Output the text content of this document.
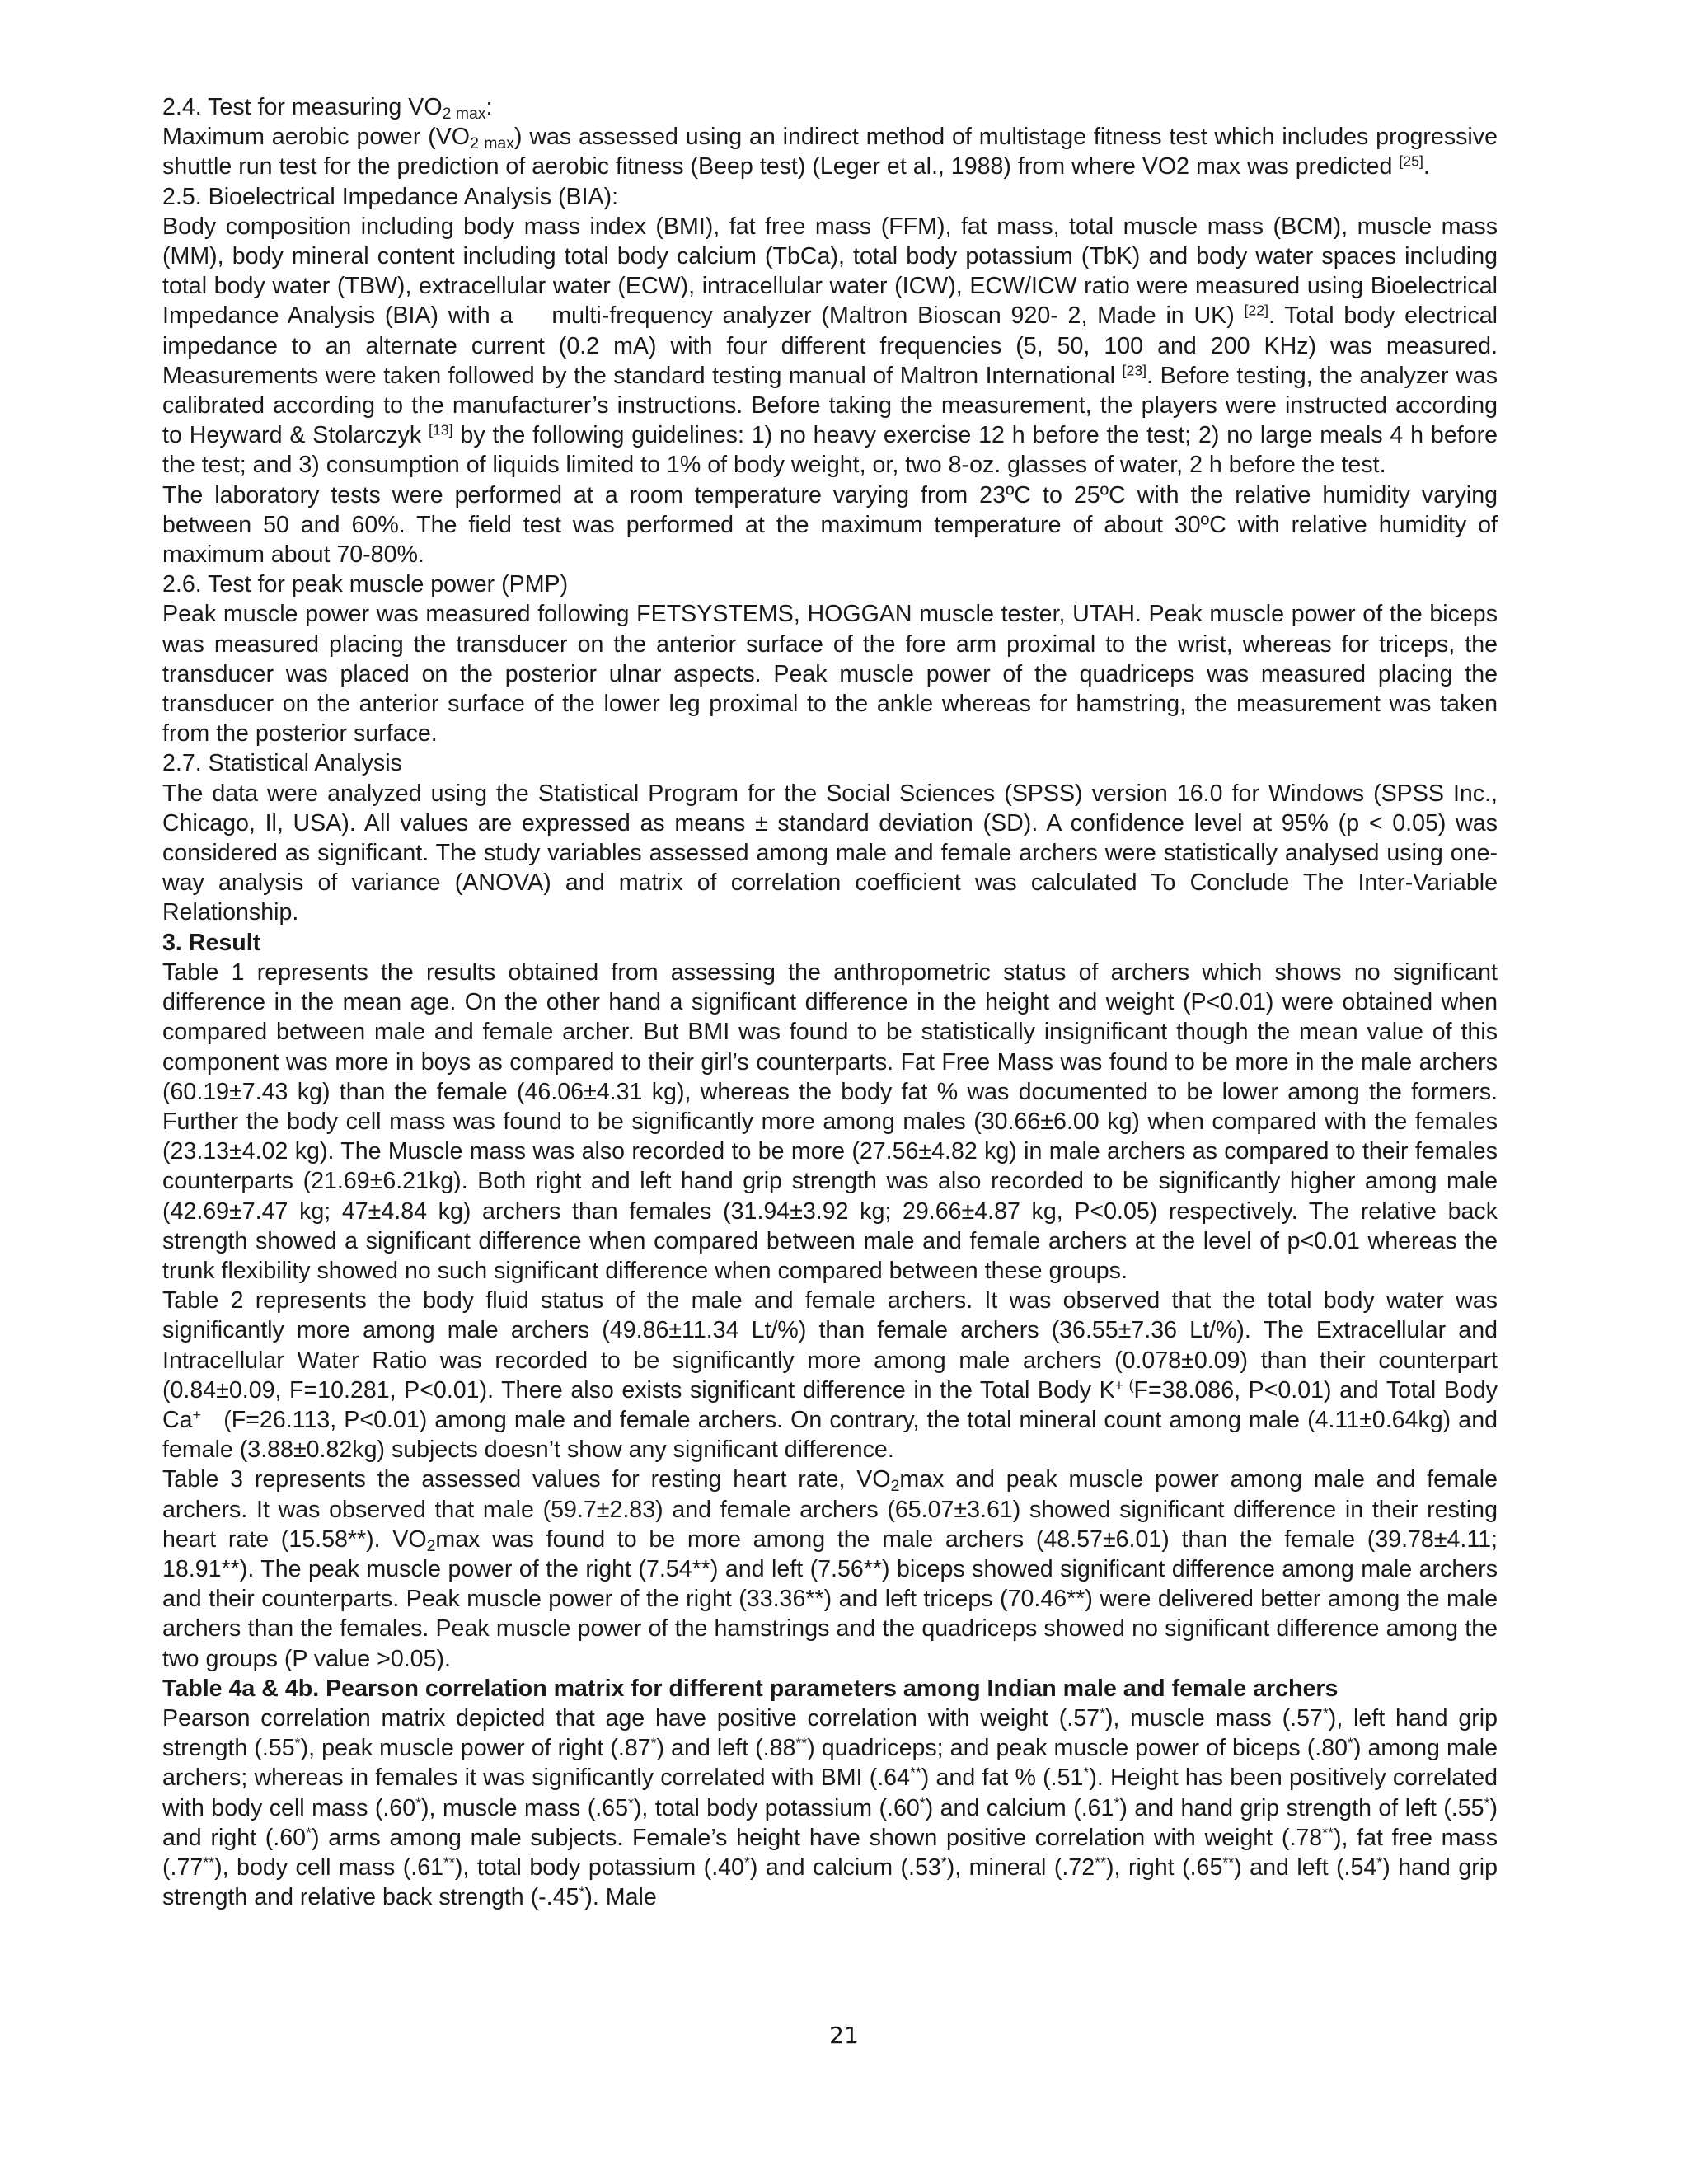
2.4. Test for measuring $VO_{2 max}$:

Maximum aerobic power $(VO_{2 max})$ was assessed using an indirect method of multistage fitness test which includes progressive shuttle run test for the prediction of aerobic fitness (Beep test) (Leger et al., 1988) from where VO2 max was predicted [25].

2.5. Bioelectrical Impedance Analysis (BIA):

Body composition including body mass index (BMI), fat free mass (FFM), fat mass, total muscle mass (BCM), muscle mass (MM), body mineral content including total body calcium (TbCa), total body potassium (TbK) and body water spaces including total body water (TBW), extracellular water (ECW), intracellular water (ICW), ECW/ICW ratio were measured using Bioelectrical Impedance Analysis (BIA) with a    multi-frequency analyzer (Maltron Bioscan 920- 2, Made in UK) [22]. Total body electrical impedance to an alternate current (0.2 mA) with four different frequencies (5, 50, 100 and 200 KHz) was measured. Measurements were taken followed by the standard testing manual of Maltron International [23]. Before testing, the analyzer was calibrated according to the manufacturer’s instructions. Before taking the measurement, the players were instructed according to Heyward & Stolarczyk [13] by the following guidelines: 1) no heavy exercise 12 h before the test; 2) no large meals 4 h before the test; and 3) consumption of liquids limited to 1% of body weight, or, two 8-oz. glasses of water, 2 h before the test.

The laboratory tests were performed at a room temperature varying from 23ºC to 25ºC with the relative humidity varying between 50 and 60%. The field test was performed at the maximum temperature of about 30ºC with relative humidity of maximum about 70-80%.

2.6. Test for peak muscle power (PMP)

Peak muscle power was measured following FETSYSTEMS, HOGGAN muscle tester, UTAH. Peak muscle power of the biceps was measured placing the transducer on the anterior surface of the fore arm proximal to the wrist, whereas for triceps, the transducer was placed on the posterior ulnar aspects. Peak muscle power of the quadriceps was measured placing the transducer on the anterior surface of the lower leg proximal to the ankle whereas for hamstring, the measurement was taken from the posterior surface.

2.7. Statistical Analysis

The data were analyzed using the Statistical Program for the Social Sciences (SPSS) version 16.0 for Windows (SPSS Inc., Chicago, Il, USA). All values are expressed as means ± standard deviation (SD). A confidence level at 95% (p < 0.05) was considered as significant. The study variables assessed among male and female archers were statistically analysed using one-way analysis of variance (ANOVA) and matrix of correlation coefficient was calculated To Conclude The Inter-Variable Relationship.

3. Result

Table 1 represents the results obtained from assessing the anthropometric status of archers which shows no significant difference in the mean age. On the other hand a significant difference in the height and weight (P<0.01) were obtained when compared between male and female archer. But BMI was found to be statistically insignificant though the mean value of this component was more in boys as compared to their girl’s counterparts. Fat Free Mass was found to be more in the male archers (60.19±7.43 kg) than the female (46.06±4.31 kg), whereas the body fat % was documented to be lower among the formers. Further the body cell mass was found to be significantly more among males (30.66±6.00 kg) when compared with the females (23.13±4.02 kg). The Muscle mass was also recorded to be more (27.56±4.82 kg) in male archers as compared to their females counterparts (21.69±6.21kg). Both right and left hand grip strength was also recorded to be significantly higher among male (42.69±7.47 kg; 47±4.84 kg) archers than females (31.94±3.92 kg; 29.66±4.87 kg, P<0.05) respectively. The relative back strength showed a significant difference when compared between male and female archers at the level of p<0.01 whereas the trunk flexibility showed no such significant difference when compared between these groups.

Table 2 represents the body fluid status of the male and female archers. It was observed that the total body water was significantly more among male archers (49.86±11.34 Lt/%) than female archers (36.55±7.36 Lt/%). The Extracellular and Intracellular Water Ratio was recorded to be significantly more among male archers (0.078±0.09) than their counterpart (0.84±0.09, F=10.281, P<0.01). There also exists significant difference in the Total Body K+ (F=38.086, P<0.01) and Total Body Ca+   (F=26.113, P<0.01) among male and female archers. On contrary, the total mineral count among male (4.11±0.64kg) and female (3.88±0.82kg) subjects doesn’t show any significant difference.

Table 3 represents the assessed values for resting heart rate, $VO_2\max$ and peak muscle power among male and female archers. It was observed that male (59.7±2.83) and female archers (65.07±3.61) showed significant difference in their resting heart rate (15.58**). $VO_2\max$ was found to be more among the male archers (48.57±6.01) than the female (39.78±4.11; 18.91**). The peak muscle power of the right (7.54**) and left (7.56**) biceps showed significant difference among male archers and their counterparts. Peak muscle power of the right (33.36**) and left triceps (70.46**) were delivered better among the male archers than the females. Peak muscle power of the hamstrings and the quadriceps showed no significant difference among the two groups (P value >0.05).

Table 4a & 4b. Pearson correlation matrix for different parameters among Indian male and female archers

Pearson correlation matrix depicted that age have positive correlation with weight (.57*), muscle mass (.57*), left hand grip strength (.55*), peak muscle power of right (.87*) and left (.88**) quadriceps; and peak muscle power of biceps (.80*) among male archers; whereas in females it was significantly correlated with BMI (.64**) and fat % (.51*). Height has been positively correlated with body cell mass (.60*), muscle mass (.65*), total body potassium (.60*) and calcium (.61*) and hand grip strength of left (.55*) and right (.60*) arms among male subjects. Female’s height have shown positive correlation with weight (.78**), fat free mass (.77**), body cell mass (.61**), total body potassium (.40*) and calcium (.53*), mineral (.72**), right (.65**) and left (.54*) hand grip strength and relative back strength (-.45*). Male

21
